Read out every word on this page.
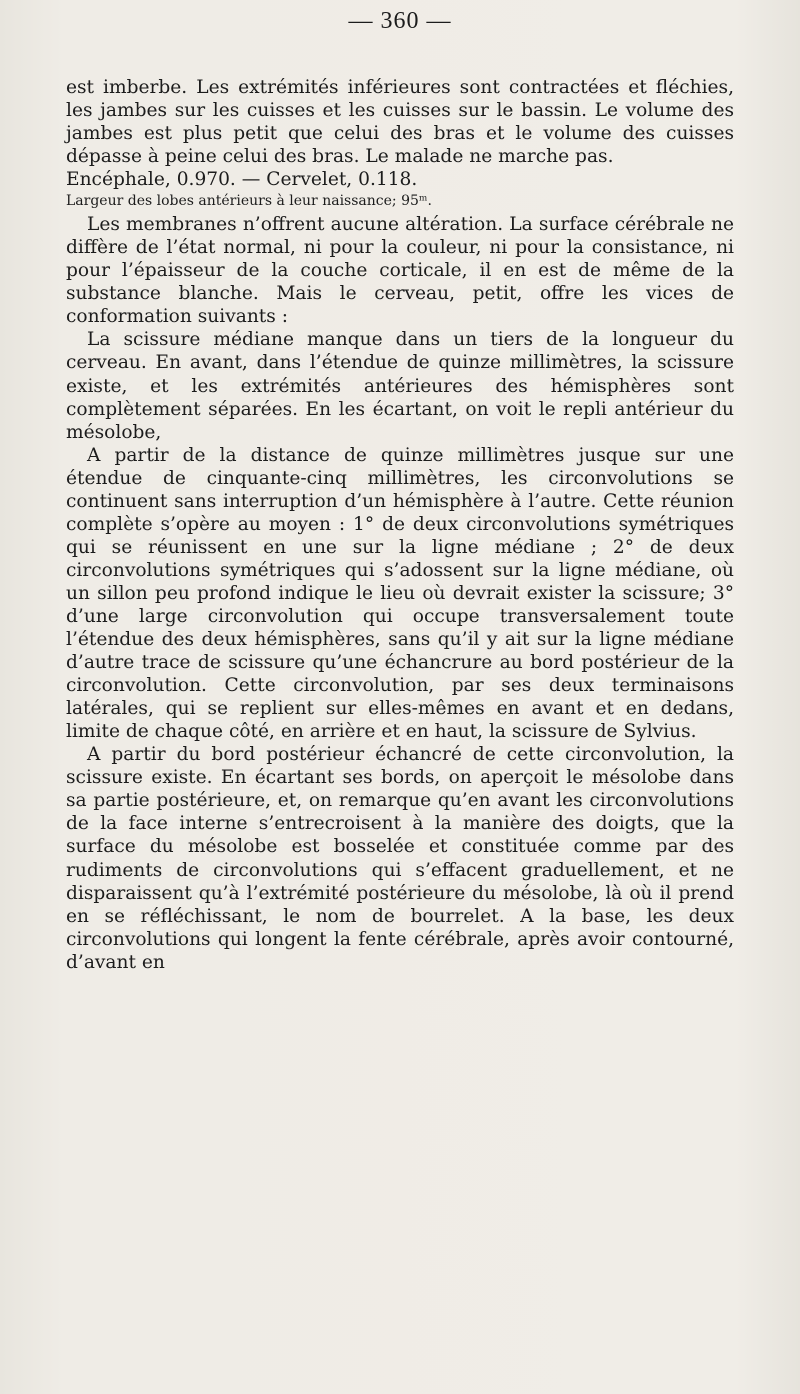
— 360 —

est imberbe. Les extrémités inférieures sont contractées et fléchies, les jambes sur les cuisses et les cuisses sur le bassin. Le volume des jambes est plus petit que celui des bras et le volume des cuisses dépasse à peine celui des bras. Le malade ne marche pas.

Encéphale, 0.970. — Cervelet, 0.118.

Largeur des lobes antérieurs à leur naissance; 95ᵐ.

Les membranes n’offrent aucune altération. La surface cérébrale ne diffère de l’état normal, ni pour la couleur, ni pour la consistance, ni pour l’épaisseur de la couche corticale, il en est de même de la substance blanche. Mais le cerveau, petit, offre les vices de conformation suivants :

La scissure médiane manque dans un tiers de la longueur du cerveau. En avant, dans l’étendue de quinze millimètres, la scissure existe, et les extrémités antérieures des hémisphères sont complètement séparées. En les écartant, on voit le repli antérieur du mésolobe,

A partir de la distance de quinze millimètres jusque sur une étendue de cinquante-cinq millimètres, les circonvolutions se continuent sans interruption d’un hémisphère à l’autre. Cette réunion complète s’opère au moyen : 1° de deux circonvolutions symétriques qui se réunissent en une sur la ligne médiane ; 2° de deux circonvolutions symétriques qui s’adossent sur la ligne médiane, où un sillon peu profond indique le lieu où devrait exister la scissure; 3° d’une large circonvolution qui occupe transversalement toute l’étendue des deux hémisphères, sans qu’il y ait sur la ligne médiane d’autre trace de scissure qu’une échancrure au bord postérieur de la circonvolution. Cette circonvolution, par ses deux terminaisons latérales, qui se replient sur elles-mêmes en avant et en dedans, limite de chaque côté, en arrière et en haut, la scissure de Sylvius.

A partir du bord postérieur échancré de cette circonvolution, la scissure existe. En écartant ses bords, on aperçoit le mésolobe dans sa partie postérieure, et, on remarque qu’en avant les circonvolutions de la face interne s’entrecroisent à la manière des doigts, que la surface du mésolobe est bosselée et constituée comme par des rudiments de circonvolutions qui s’effacent graduellement, et ne disparaissent qu’à l’extrémité postérieure du mésolobe, là où il prend en se réfléchissant, le nom de bourrelet. A la base, les deux circonvolutions qui longent la fente cérébrale, après avoir contourné, d’avant en
